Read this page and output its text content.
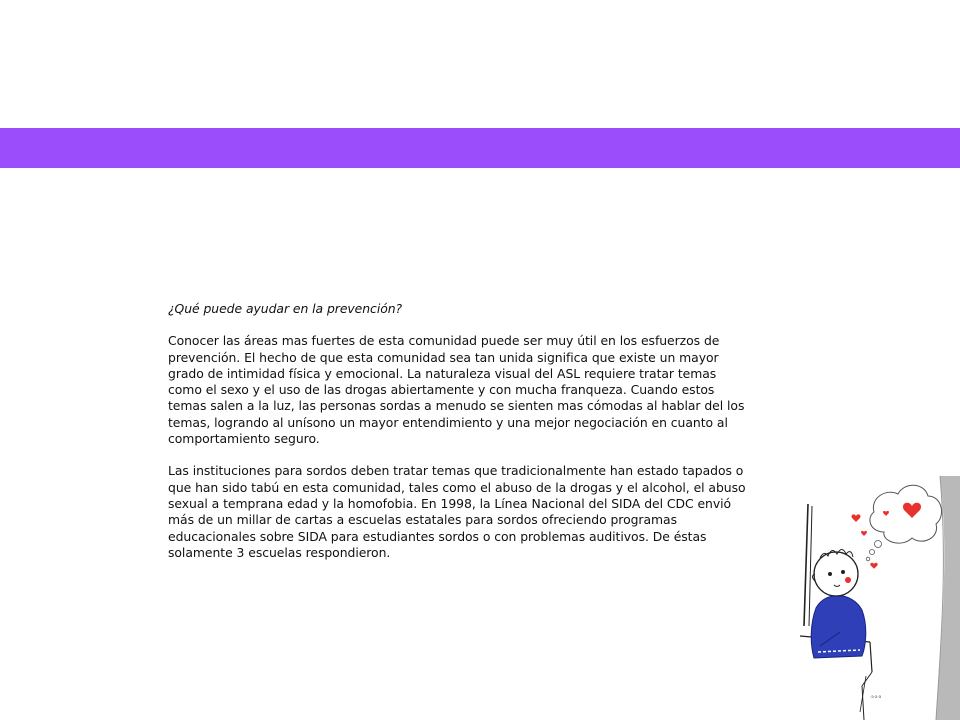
¿Qué puede ayudar en la prevención?
Conocer las áreas mas fuertes de esta comunidad puede ser muy útil en los esfuerzos de prevención. El hecho de que esta comunidad sea tan unida significa que existe un mayor grado de intimidad física y emocional. La naturaleza visual del ASL requiere tratar temas como el sexo y el uso de las drogas abiertamente y con mucha franqueza. Cuando estos temas salen a la luz, las personas sordas a menudo se sienten mas cómodas al hablar del los temas, logrando al unísono un mayor entendimiento y una mejor negociación en cuanto al comportamiento seguro.
Las instituciones para sordos deben tratar temas que tradicionalmente han estado tapados o que han sido tabú en esta comunidad, tales como el abuso de la drogas y el alcohol, el abuso sexual a temprana edad y la homofobia. En 1998, la Línea Nacional del SIDA del CDC envió más de un millar de cartas a escuelas estatales para sordos ofreciendo programas educacionales sobre SIDA para estudiantes sordos o con problemas auditivos. De éstas solamente 3 escuelas respondieron.
·a·a·a
